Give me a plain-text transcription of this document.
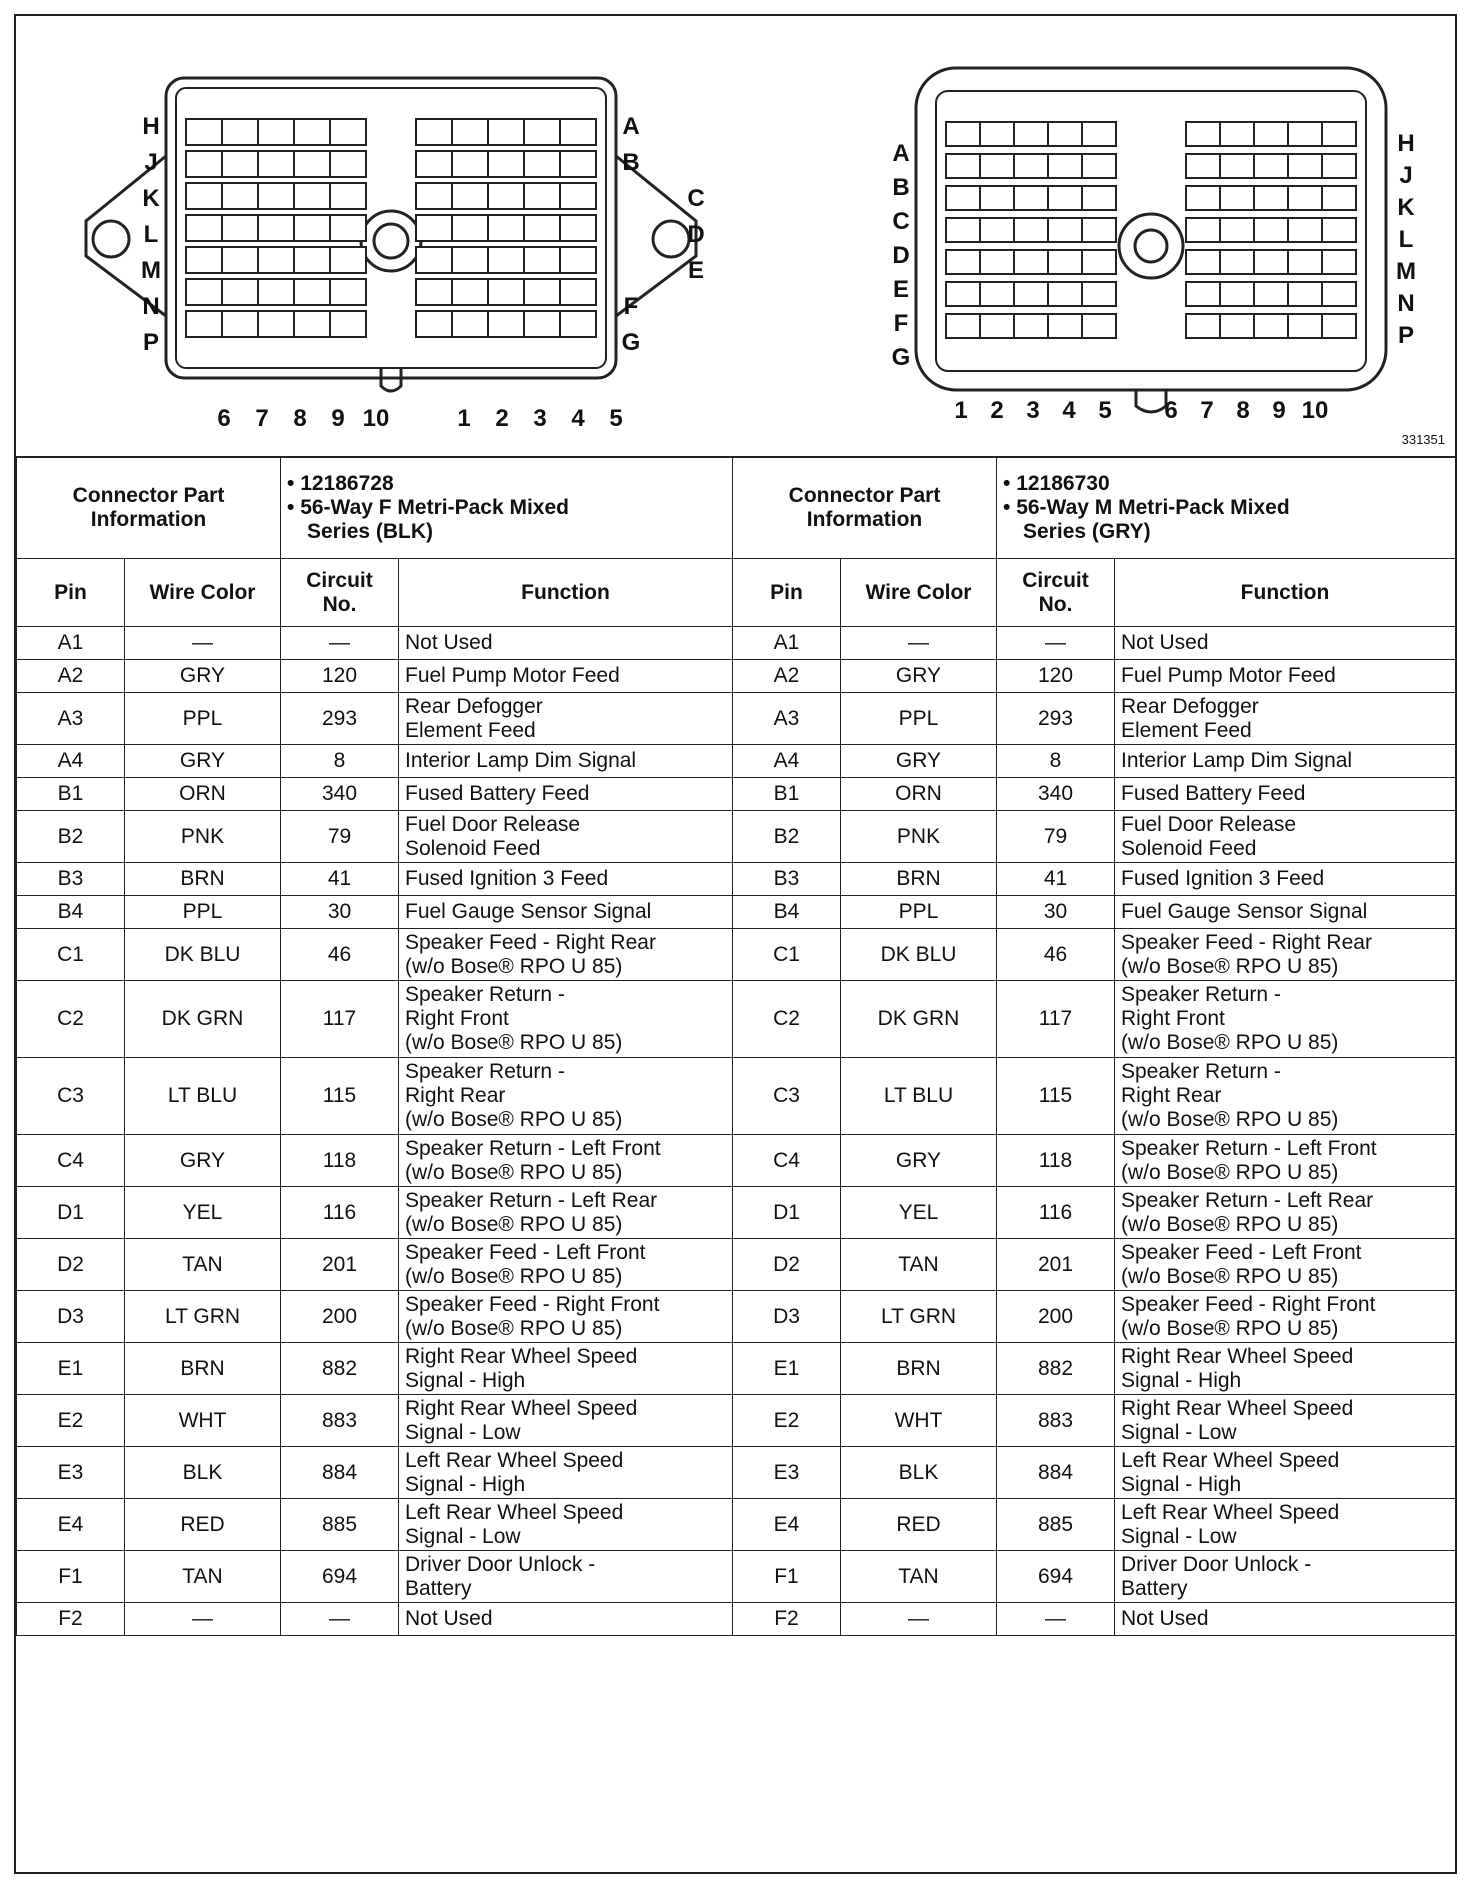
H
J
K
L
M
N
P
A
B
C
D
E
F
G
6 7 8 9 10	1 2 3 4 5
A
B
C
D
E
F
G
H
J
K
L
M
N
P
1 2 3 4 5 6 7 8 9 10
331351
Connector Part
Information		• 12186728
• 56-Way F Metri-Pack Mixed
Series (BLK)		Connector Part
Information		• 12186730
• 56-Way M Metri-Pack Mixed
Series (GRY)	

Pin	Wire Color	Circuit
No.	Function	Pin	Wire Color	Circuit
No.	Function
A1	—	—	Not Used	A1	—	—	Not Used

A2	GRY	120	Fuel Pump Motor Feed	A2	GRY	120	Fuel Pump Motor Feed

A3	PPL	293	Rear Defogger
Element Feed	A3	PPL	293	Rear Defogger
Element Feed

A4	GRY	8	Interior Lamp Dim Signal	A4	GRY	8	Interior Lamp Dim Signal

B1	ORN	340	Fused Battery Feed	B1	ORN	340	Fused Battery Feed

B2	PNK	79	Fuel Door Release
Solenoid Feed	B2	PNK	79	Fuel Door Release
Solenoid Feed

B3	BRN	41	Fused Ignition 3 Feed	B3	BRN	41	Fused Ignition 3 Feed

B4	PPL	30	Fuel Gauge Sensor Signal	B4	PPL	30	Fuel Gauge Sensor Signal

C1	DK BLU	46	Speaker Feed - Right Rear
(w/o Bose® RPO U 85)	C1	DK BLU	46	Speaker Feed - Right Rear
(w/o Bose® RPO U 85)

C2	DK GRN	117	Speaker Return -
Right Front
(w/o Bose® RPO U 85)	C2	DK GRN	117	Speaker Return -
Right Front
(w/o Bose® RPO U 85)

C3	LT BLU	115	Speaker Return -
Right Rear
(w/o Bose® RPO U 85)	C3	LT BLU	115	Speaker Return -
Right Rear
(w/o Bose® RPO U 85)

C4	GRY	118	Speaker Return - Left Front
(w/o Bose® RPO U 85)	C4	GRY	118	Speaker Return - Left Front
(w/o Bose® RPO U 85)

D1	YEL	116	Speaker Return - Left Rear
(w/o Bose® RPO U 85)	D1	YEL	116	Speaker Return - Left Rear
(w/o Bose® RPO U 85)

D2	TAN	201	Speaker Feed - Left Front
(w/o Bose® RPO U 85)	D2	TAN	201	Speaker Feed - Left Front
(w/o Bose® RPO U 85)

D3	LT GRN	200	Speaker Feed - Right Front
(w/o Bose® RPO U 85)	D3	LT GRN	200	Speaker Feed - Right Front
(w/o Bose® RPO U 85)

E1	BRN	882	Right Rear Wheel Speed
Signal - High	E1	BRN	882	Right Rear Wheel Speed
Signal - High

E2	WHT	883	Right Rear Wheel Speed
Signal - Low	E2	WHT	883	Right Rear Wheel Speed
Signal - Low

E3	BLK	884	Left Rear Wheel Speed
Signal - High	E3	BLK	884	Left Rear Wheel Speed
Signal - High

E4	RED	885	Left Rear Wheel Speed
Signal - Low	E4	RED	885	Left Rear Wheel Speed
Signal - Low

F1	TAN	694	Driver Door Unlock -
Battery	F1	TAN	694	Driver Door Unlock -
Battery

F2	—	—	Not Used	F2	—	—	Not Used
